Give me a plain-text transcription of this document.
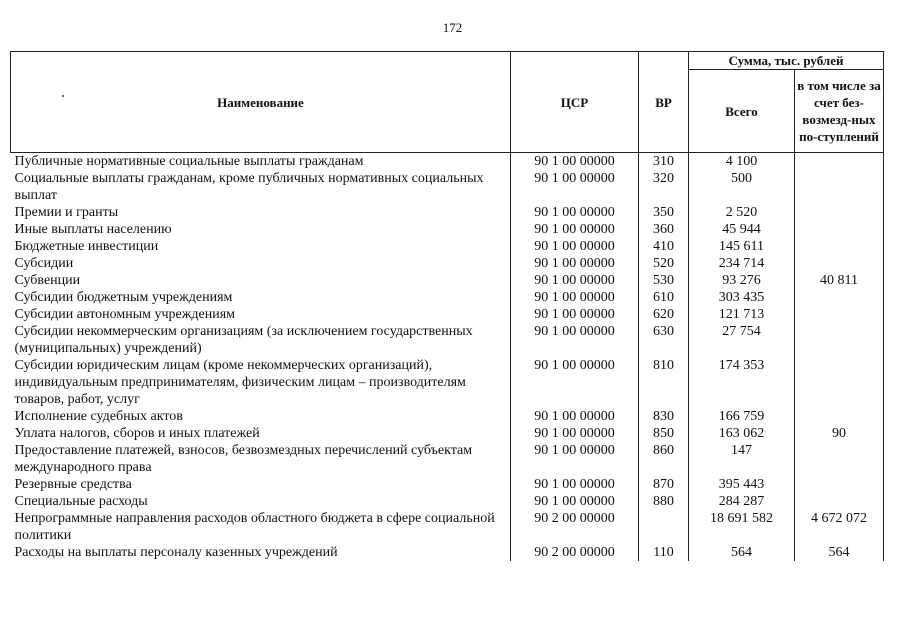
172
Наименование	ЦСР	ВР	Сумма, тыс. рублей	
			Всего	в том числе за счет без-возмезд-ных по-ступлений
Публичные нормативные социальные выплаты гражданам	90 1 00 00000	310	4 100	
Социальные выплаты гражданам, кроме публичных нормативных социальных выплат	90 1 00 00000	320	500	
Премии и гранты	90 1 00 00000	350	2 520	
Иные выплаты населению	90 1 00 00000	360	45 944	
Бюджетные инвестиции	90 1 00 00000	410	145 611	
Субсидии	90 1 00 00000	520	234 714	
Субвенции	90 1 00 00000	530	93 276	40 811
Субсидии бюджетным учреждениям	90 1 00 00000	610	303 435	
Субсидии автономным учреждениям	90 1 00 00000	620	121 713	
Субсидии некоммерческим организациям (за исключением государственных (муниципальных) учреждений)	90 1 00 00000	630	27 754	
Субсидии юридическим лицам (кроме некоммерческих организаций), индивидуальным предпринимателям, физическим лицам – производителям товаров, работ, услуг	90 1 00 00000	810	174 353	
Исполнение судебных актов	90 1 00 00000	830	166 759	
Уплата налогов, сборов и иных платежей	90 1 00 00000	850	163 062	90
Предоставление платежей, взносов, безвозмездных перечислений субъектам международного права	90 1 00 00000	860	147	
Резервные средства	90 1 00 00000	870	395 443	
Специальные расходы	90 1 00 00000	880	284 287	
Непрограммные направления расходов областного бюджета в сфере социальной политики	90 2 00 00000		18 691 582	4 672 072
Расходы на выплаты персоналу казенных учреждений	90 2 00 00000	110	564	564
